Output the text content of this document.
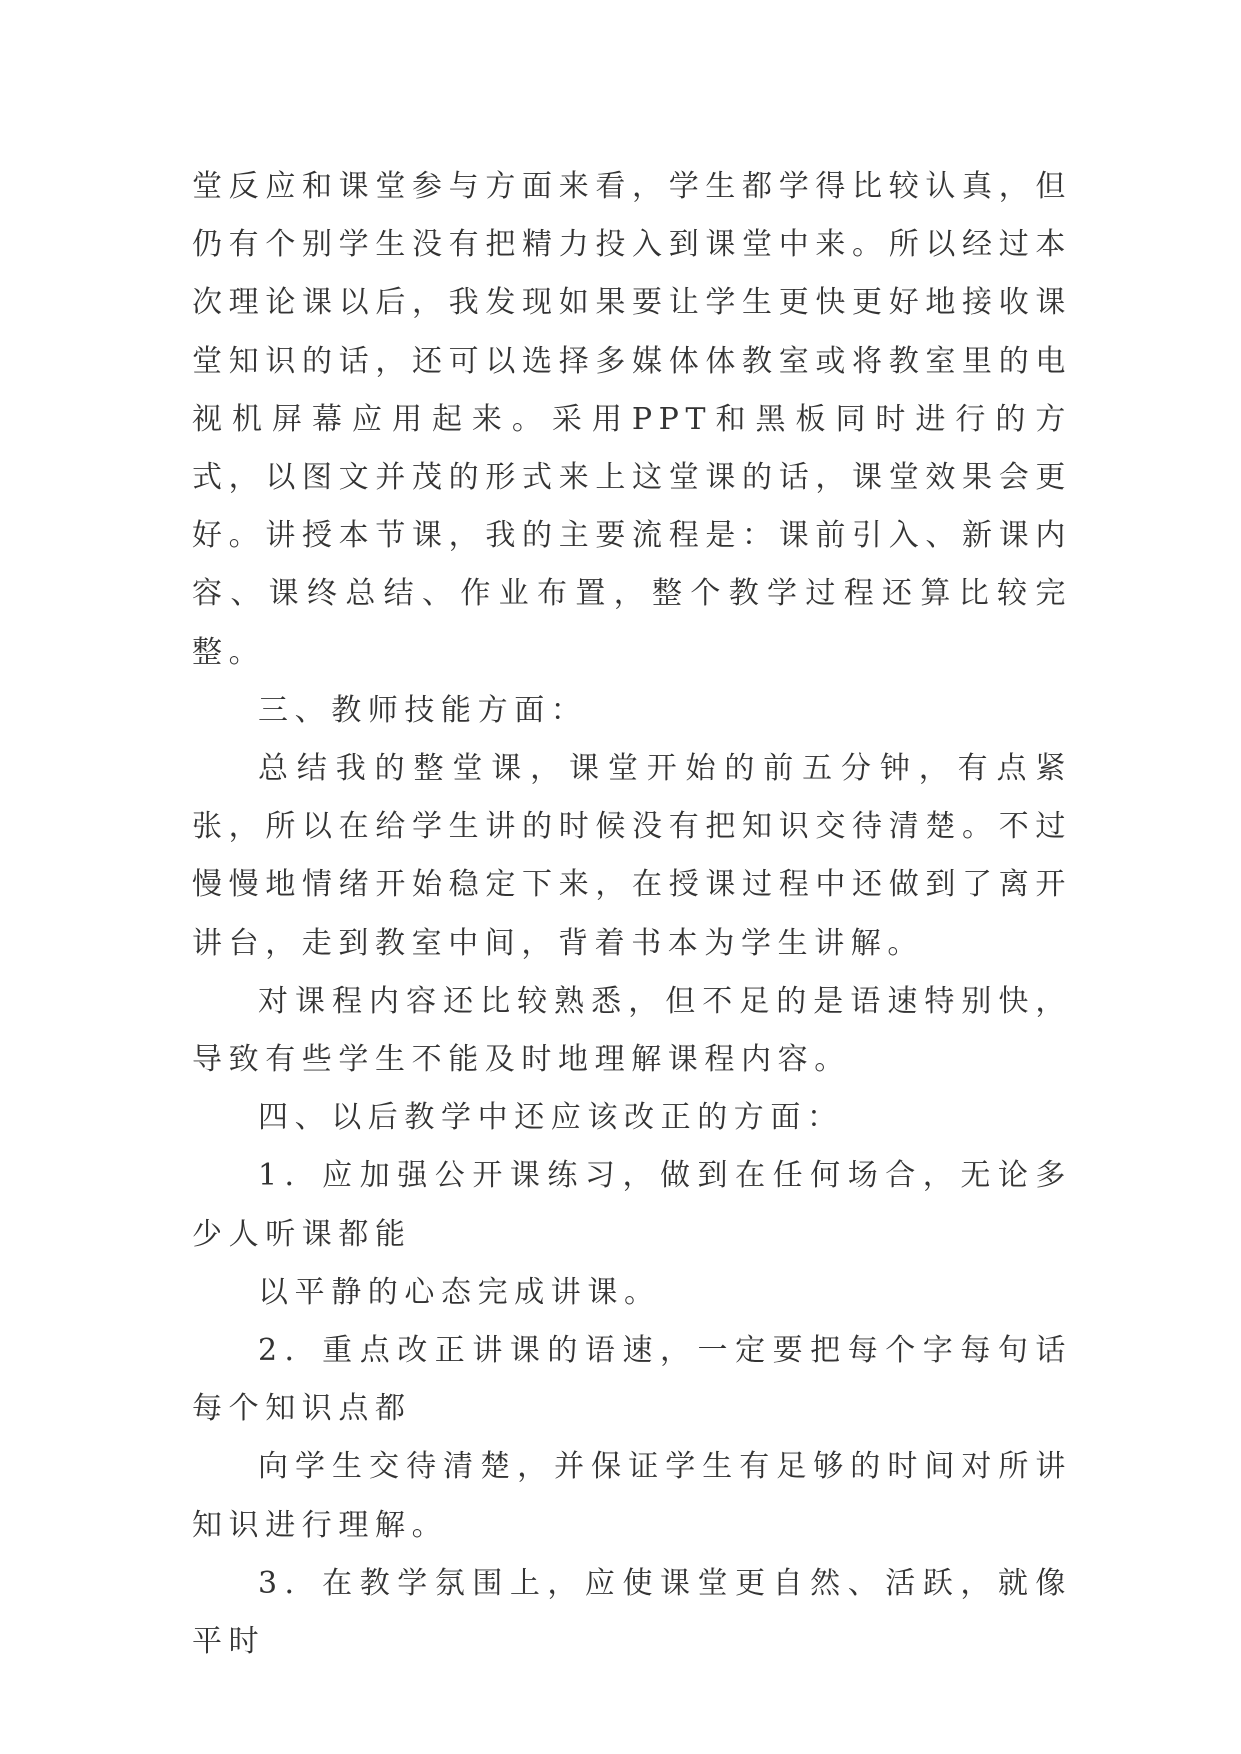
堂反应和课堂参与方面来看，学生都学得比较认真，但仍有个别学生没有把精力投入到课堂中来。所以经过本次理论课以后，我发现如果要让学生更快更好地接收课堂知识的话，还可以选择多媒体体教室或将教室里的电视机屏幕应用起来。采用PPT和黑板同时进行的方式，以图文并茂的形式来上这堂课的话，课堂效果会更好。讲授本节课，我的主要流程是：课前引入、新课内容、课终总结、作业布置，整个教学过程还算比较完整。

三、教师技能方面：

总结我的整堂课，课堂开始的前五分钟，有点紧张，所以在给学生讲的时候没有把知识交待清楚。不过慢慢地情绪开始稳定下来，在授课过程中还做到了离开讲台，走到教室中间，背着书本为学生讲解。

对课程内容还比较熟悉，但不足的是语速特别快，导致有些学生不能及时地理解课程内容。

四、以后教学中还应该改正的方面：

1．应加强公开课练习，做到在任何场合，无论多少人听课都能

以平静的心态完成讲课。

2．重点改正讲课的语速，一定要把每个字每句话每个知识点都

向学生交待清楚，并保证学生有足够的时间对所讲知识进行理解。

3．在教学氛围上，应使课堂更自然、活跃，就像平时
